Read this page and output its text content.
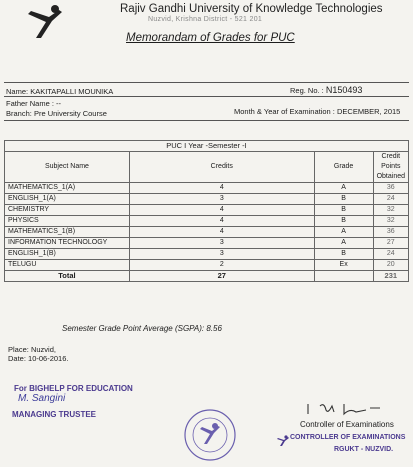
Rajiv Gandhi University of Knowledge Technologies
Nuzvid, Krishna District - 521 201
Memorandam of Grades for PUC
Name: KAKITAPALLI MOUNIKA	Reg. No. : N150493
Father Name : --
Branch: Pre University Course	Month & Year of Examination : DECEMBER, 2015
PUC I Year -Semester -I			
Subject Name	Credits	Grade	Credit Points Obtained
MATHEMATICS_1(A)	4	A	36
ENGLISH_1(A)	3	B	24
CHEMISTRY	4	B	32
PHYSICS	4	B	32
MATHEMATICS_1(B)	4	A	36
INFORMATION TECHNOLOGY	3	A	27
ENGLISH_1(B)	3	B	24
TELUGU	2	Ex	20
Total	27		231
Semester Grade Point Average (SGPA): 8.56
Place: Nuzvid,
Date: 10-06-2016.
For BIGHELP FOR EDUCATION
M. Sangini
MANAGING TRUSTEE
Controller of Examinations
CONTROLLER OF EXAMINATIONS
RGUKT - NUZVID.
